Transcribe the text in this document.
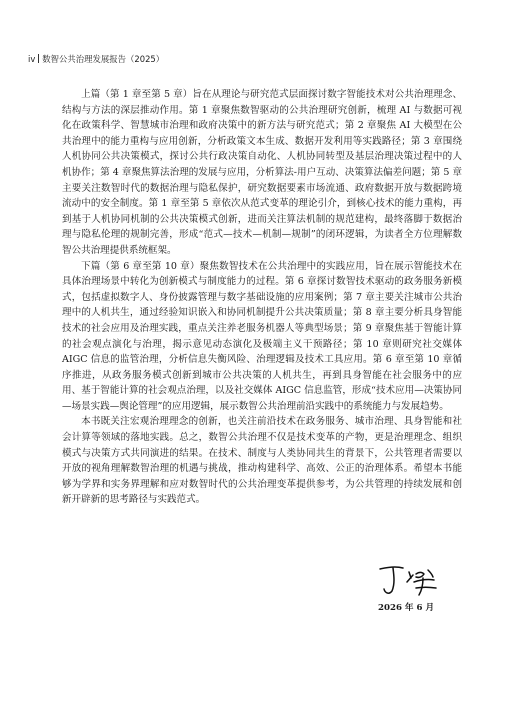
iv 数智公共治理发展报告（2025）

上篇（第 1 章至第 5 章）旨在从理论与研究范式层面探讨数字智能技术对公共治理理念、结构与方法的深层推动作用。第 1 章聚焦数智驱动的公共治理研究创新，梳理 AI 与数据可视化在政策科学、智慧城市治理和政府决策中的新方法与研究范式；第 2 章聚焦 AI 大模型在公共治理中的能力重构与应用创新，分析政策文本生成、数据开发利用等实践路径；第 3 章围绕人机协同公共决策模式，探讨公共行政决策自动化、人机协同转型及基层治理决策过程中的人机协作；第 4 章聚焦算法治理的发展与应用，分析算法-用户互动、决策算法偏差问题；第 5 章主要关注数智时代的数据治理与隐私保护，研究数据要素市场流通、政府数据开放与数据跨境流动中的安全制度。第 1 章至第 5 章依次从范式变革的理论引介，到核心技术的能力重构，再到基于人机协同机制的公共决策模式创新，进而关注算法机制的规范建构，最终落脚于数据治理与隐私伦理的规制完善，形成“范式—技术—机制—规制”的闭环逻辑，为读者全方位理解数智公共治理提供系统框架。

下篇（第 6 章至第 10 章）聚焦数智技术在公共治理中的实践应用，旨在展示智能技术在具体治理场景中转化为创新模式与制度能力的过程。第 6 章探讨数智技术驱动的政务服务新模式，包括虚拟数字人、身份披露管理与数字基础设施的应用案例；第 7 章主要关注城市公共治理中的人机共生，通过经验知识嵌入和协同机制提升公共决策质量；第 8 章主要分析具身智能技术的社会应用及治理实践，重点关注养老服务机器人等典型场景；第 9 章聚焦基于智能计算的社会观点演化与治理，揭示意见动态演化及极端主义干预路径；第 10 章则研究社交媒体 AIGC 信息的监管治理，分析信息失衡风险、治理逻辑及技术工具应用。第 6 章至第 10 章循序推进，从政务服务模式创新到城市公共决策的人机共生，再到具身智能在社会服务中的应用、基于智能计算的社会观点治理，以及社交媒体 AIGC 信息监管，形成“技术应用—决策协同—场景实践—舆论管理”的应用逻辑，展示数智公共治理前沿实践中的系统能力与发展趋势。

本书既关注宏观治理理念的创新，也关注前沿技术在政务服务、城市治理、具身智能和社会计算等领域的落地实践。总之，数智公共治理不仅是技术变革的产物，更是治理理念、组织模式与决策方式共同演进的结果。在技术、制度与人类协同共生的背景下，公共管理者需要以开放的视角理解数智治理的机遇与挑战，推动构建科学、高效、公正的治理体系。希望本书能够为学界和实务界理解和应对数智时代的公共治理变革提供参考，为公共管理的持续发展和创新开辟新的思考路径与实践范式。

2026 年 6 月
